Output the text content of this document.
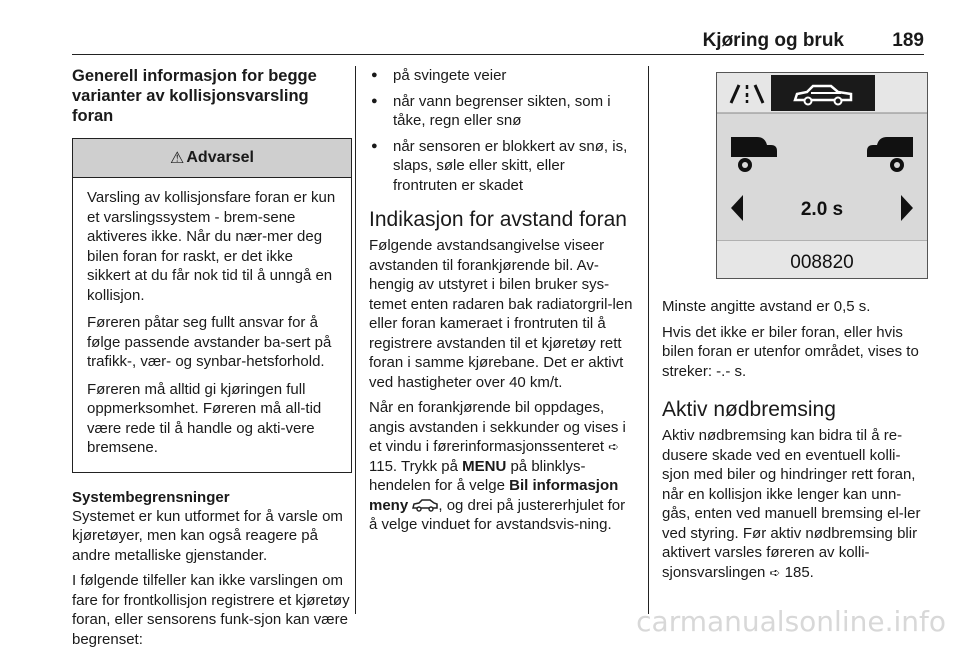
Kjøring og bruk	189
Generell informasjon for begge varianter av kollisjonsvarsling foran
⚠ Advarsel
Varsling av kollisjonsfare foran er kun et varslingssystem - brem-sene aktiveres ikke. Når du nær-mer deg bilen foran for raskt, er det ikke sikkert at du får nok tid til å unngå en kollisjon.
Føreren påtar seg fullt ansvar for å følge passende avstander ba-sert på trafikk-, vær- og synbar-hetsforhold.
Føreren må alltid gi kjøringen full oppmerksomhet. Føreren må all-tid være rede til å handle og akti-vere bremsene.
Systembegrensninger
Systemet er kun utformet for å varsle om kjøretøyer, men kan også reagere på andre metalliske gjenstander.
I følgende tilfeller kan ikke varslingen om fare for frontkollisjon registrere et kjøretøy foran, eller sensorens funk-sjon kan være begrenset:
● på svingete veier
● når vann begrenser sikten, som i tåke, regn eller snø
● når sensoren er blokkert av snø, is, slaps, søle eller skitt, eller frontruten er skadet
Indikasjon for avstand foran
Følgende avstandsangivelse viseer avstanden til forankjørende bil. Av-hengig av utstyret i bilen bruker sys-temet enten radaren bak radiatorgril-len eller foran kameraet i frontruten til å registrere avstanden til et kjøretøy rett foran i samme kjørebane. Det er aktivt ved hastigheter over 40 km/t.
Når en forankjørende bil oppdages, angis avstanden i sekkunder og vises i et vindu i førerinformasjonssenteret ➪ 115. Trykk på MENU på blinklys-hendelen for å velge Bil informasjon meny , og drei på justererhjulet for å velge vinduet for avstandsvis-ning.
2.0 s
008820
Minste angitte avstand er 0,5 s.
Hvis det ikke er biler foran, eller hvis bilen foran er utenfor området, vises to streker: -.- s.
Aktiv nødbremsing
Aktiv nødbremsing kan bidra til å re-dusere skade ved en eventuell kolli-sjon med biler og hindringer rett foran, når en kollisjon ikke lenger kan unn-gås, enten ved manuell bremsing el-ler ved styring. Før aktiv nødbremsing blir aktivert varsles føreren av kolli-sjonsvarslingen ➪ 185.
carmanualsonline.info
